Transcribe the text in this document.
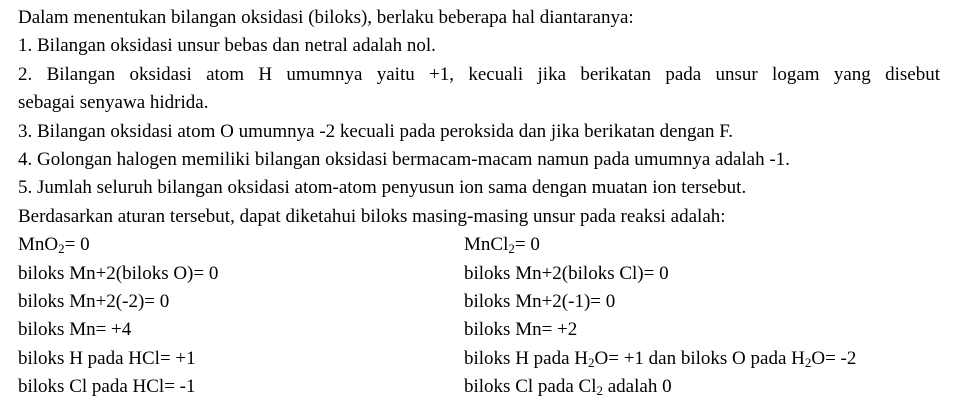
Dalam menentukan bilangan oksidasi (biloks), berlaku beberapa hal diantaranya:
1. Bilangan oksidasi unsur bebas dan netral adalah nol.
2. Bilangan oksidasi atom H umumnya yaitu +1, kecuali jika berikatan pada unsur logam yang disebut
sebagai senyawa hidrida.
3. Bilangan oksidasi atom O umumnya -2 kecuali pada peroksida dan jika berikatan dengan F.
4. Golongan halogen memiliki bilangan oksidasi bermacam-macam namun pada umumnya adalah -1.
5. Jumlah seluruh bilangan oksidasi atom-atom penyusun ion sama dengan muatan ion tersebut.
Berdasarkan aturan tersebut, dapat diketahui biloks masing-masing unsur pada reaksi adalah:
MnO$_2$= 0	MnCl$_2$= 0
biloks Mn+2(biloks O)= 0	biloks Mn+2(biloks Cl)= 0
biloks Mn+2(-2)= 0	biloks Mn+2(-1)= 0
biloks Mn= +4	biloks Mn= +2
biloks H pada HCl= +1	biloks H pada $H_2O= +1$ dan biloks O pada $H_2O= -2$
biloks Cl pada HCl= -1	biloks Cl pada $Cl_2$ adalah 0
